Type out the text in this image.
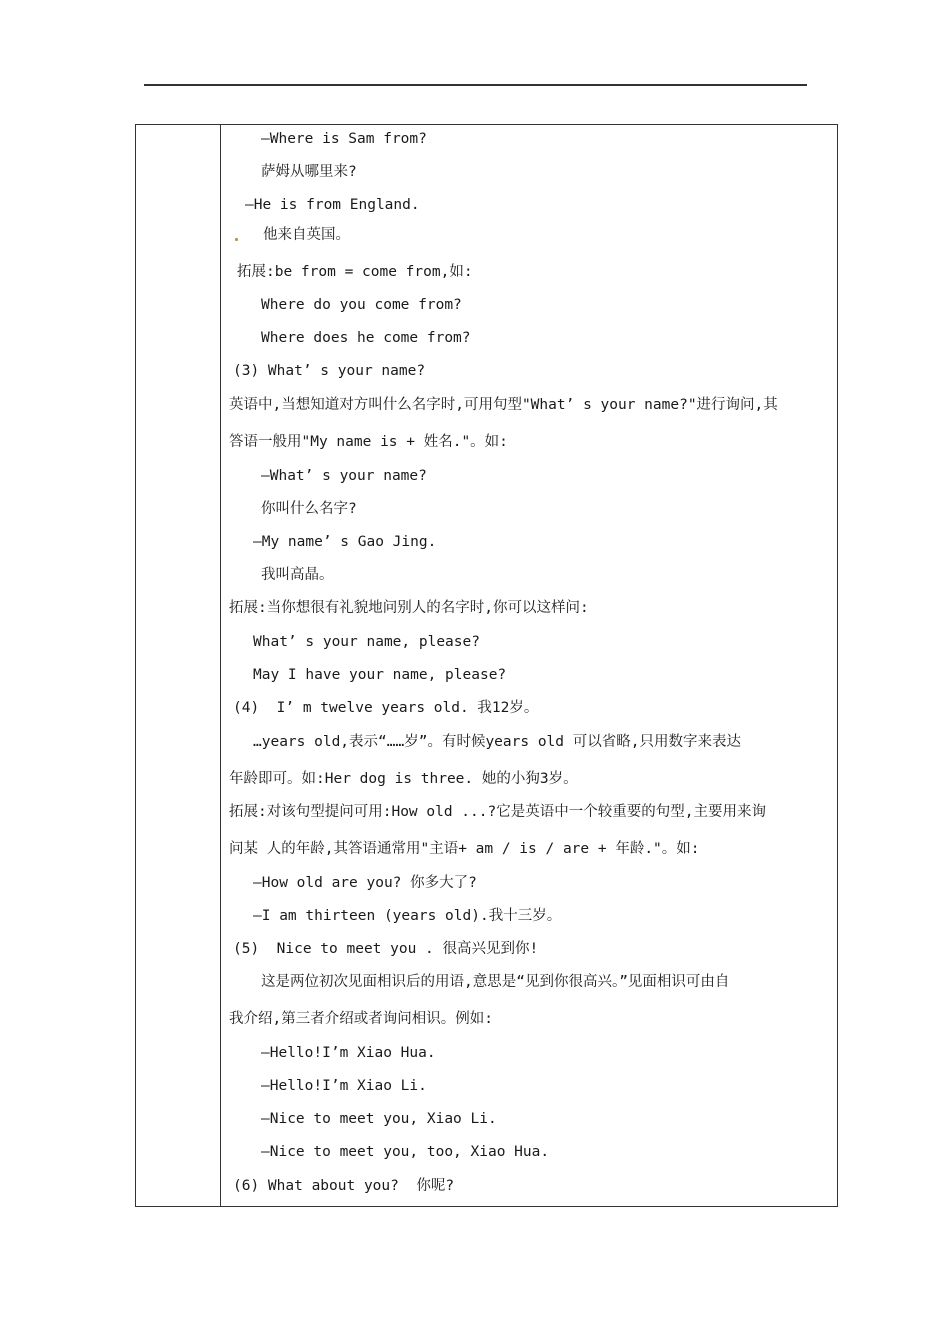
—Where is Sam from?
萨姆从哪里来?
—He is from England.
他来自英国。
拓展:be from = come from,如:
Where do you come from?
Where does he come from?
(3) What’ s your name?
英语中,当想知道对方叫什么名字时,可用句型"What’ s your name?"进行询问,其
答语一般用"My name is + 姓名."。如:
—What’ s your name?
你叫什么名字?
—My name’ s Gao Jing.
我叫高晶。
拓展:当你想很有礼貌地问别人的名字时,你可以这样问:
What’ s your name, please?
May I have your name, please?
(4)  I’ m twelve years old. 我12岁。
…years old,表示“……岁”。有时候years old 可以省略,只用数字来表达
年龄即可。如:Her dog is three. 她的小狗3岁。
拓展:对该句型提问可用:How old ...?它是英语中一个较重要的句型,主要用来询
问某 人的年龄,其答语通常用"主语+ am / is / are + 年龄."。如:
—How old are you? 你多大了?
—I am thirteen (years old).我十三岁。
(5)  Nice to meet you . 很高兴见到你!
这是两位初次见面相识后的用语,意思是“见到你很高兴。”见面相识可由自
我介绍,第三者介绍或者询问相识。例如:
—Hello!I’m Xiao Hua.
—Hello!I’m Xiao Li.
—Nice to meet you, Xiao Li.
—Nice to meet you, too, Xiao Hua.
(6) What about you?  你呢?
